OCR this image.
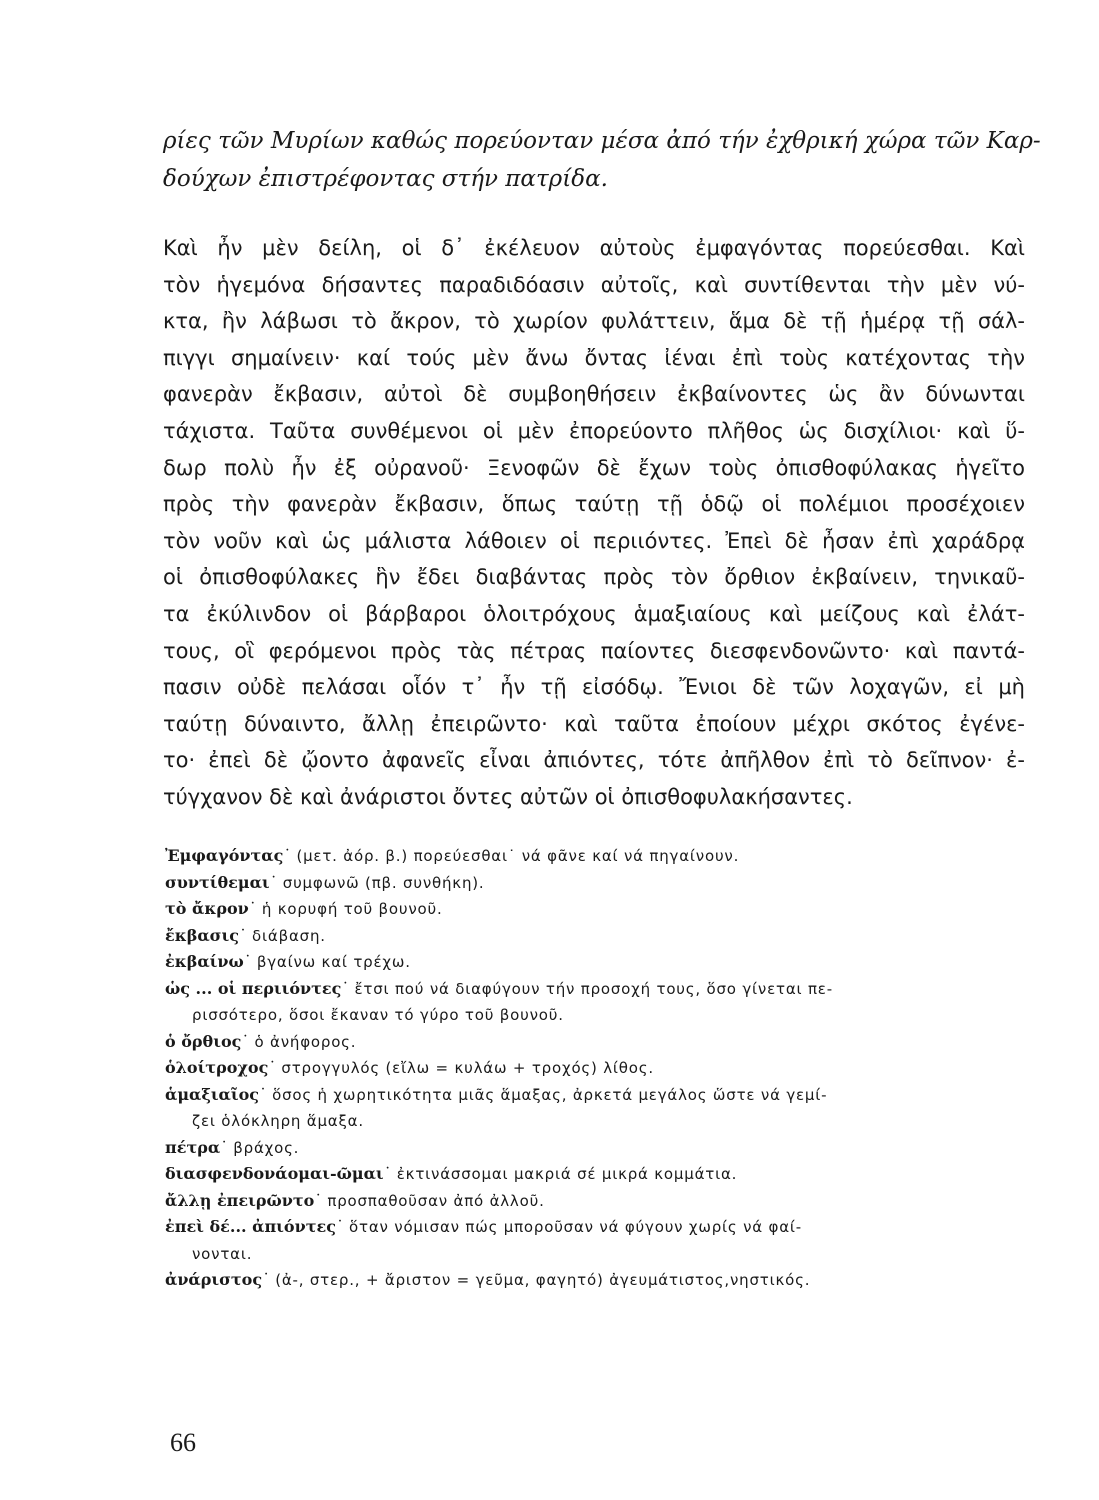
ρίες τῶν Μυρίων καθώς πορεύονταν μέσα ἀπό τήν ἐχθρική χώρα τῶν Καρ-
δούχων ἐπιστρέφοντας στήν πατρίδα.
Καὶ ἦν μὲν δείλη, οἱ δ᾽ ἐκέλευον αὐτοὺς ἐμφαγόντας πορεύεσθαι. Καὶ
τὸν ἡγεμόνα δήσαντες παραδιδόασιν αὐτοῖς, καὶ συντίθενται τὴν μὲν νύ-
κτα, ἢν λάβωσι τὸ ἄκρον, τὸ χωρίον φυλάττειν, ἅμα δὲ τῇ ἡμέρᾳ τῇ σάλ-
πιγγι σημαίνειν· καί τούς μὲν ἄνω ὄντας ἰέναι ἐπὶ τοὺς κατέχοντας τὴν
φανερὰν ἔκβασιν, αὐτοὶ δὲ συμβοηθήσειν ἐκβαίνοντες ὡς ἂν δύνωνται
τάχιστα. Ταῦτα συνθέμενοι οἱ μὲν ἐπορεύοντο πλῆθος ὡς δισχίλιοι· καὶ ὕ-
δωρ πολὺ ἦν ἐξ οὐρανοῦ· Ξενοφῶν δὲ ἔχων τοὺς ὀπισθοφύλακας ἡγεῖτο
πρὸς τὴν φανερὰν ἔκβασιν, ὅπως ταύτῃ τῇ ὁδῷ οἱ πολέμιοι προσέχοιεν
τὸν νοῦν καὶ ὡς μάλιστα λάθοιεν οἱ περιιόντες. Ἐπεὶ δὲ ἦσαν ἐπὶ χαράδρᾳ
οἱ ὀπισθοφύλακες ἣν ἔδει διαβάντας πρὸς τὸν ὄρθιον ἐκβαίνειν, τηνικαῦ-
τα ἐκύλινδον οἱ βάρβαροι ὁλοιτρόχους ἁμαξιαίους καὶ μείζους καὶ ἐλάτ-
τους, οἳ φερόμενοι πρὸς τὰς πέτρας παίοντες διεσφενδονῶντο· καὶ παντά-
πασιν οὐδὲ πελάσαι οἷόν τ᾽ ἦν τῇ εἰσόδῳ. Ἔνιοι δὲ τῶν λοχαγῶν, εἰ μὴ
ταύτῃ δύναιντο, ἄλλῃ ἐπειρῶντο· καὶ ταῦτα ἐποίουν μέχρι σκότος ἐγένε-
το· ἐπεὶ δὲ ᾤοντο ἀφανεῖς εἶναι ἀπιόντες, τότε ἀπῆλθον ἐπὶ τὸ δεῖπνον· ἐ-
τύγχανον δὲ καὶ ἀνάριστοι ὄντες αὐτῶν οἱ ὀπισθοφυλακήσαντες.
Ἐμφαγόντας˙ (μετ. ἀόρ. β.) πορεύεσθαι˙ νά φᾶνε καί νά πηγαίνουν.
συντίθεμαι˙ συμφωνῶ (πβ. συνθήκη).
τὸ ἄκρον˙ ἡ κορυφή τοῦ βουνοῦ.
ἔκβασις˙ διάβαση.
ἐκβαίνω˙ βγαίνω καί τρέχω.
ὡς ... οἱ περιιόντες˙ ἔτσι πού νά διαφύγουν τήν προσοχή τους, ὅσο γίνεται πε-
ρισσότερο, ὅσοι ἔκαναν τό γύρο τοῦ βουνοῦ.
ὁ ὄρθιος˙ ὁ ἀνήφορος.
ὁλοίτροχος˙ στρογγυλός (εἴλω = κυλάω + τροχός) λίθος.
ἁμαξιαῖος˙ ὅσος ἡ χωρητικότητα μιᾶς ἅμαξας, ἀρκετά μεγάλος ὥστε νά γεμί-
ζει ὁλόκληρη ἅμαξα.
πέτρα˙ βράχος.
διασφενδονάομαι-ῶμαι˙ ἐκτινάσσομαι μακριά σέ μικρά κομμάτια.
ἄλλῃ ἐπειρῶντο˙ προσπαθοῦσαν ἀπό ἀλλοῦ.
ἐπεὶ δέ... ἀπιόντες˙ ὅταν νόμισαν πώς μποροῦσαν νά φύγουν χωρίς νά φαί-
νονται.
ἀνάριστος˙ (ἀ-, στερ., + ἄριστον = γεῦμα, φαγητό) ἀγευμάτιστος,νηστικός.
66
